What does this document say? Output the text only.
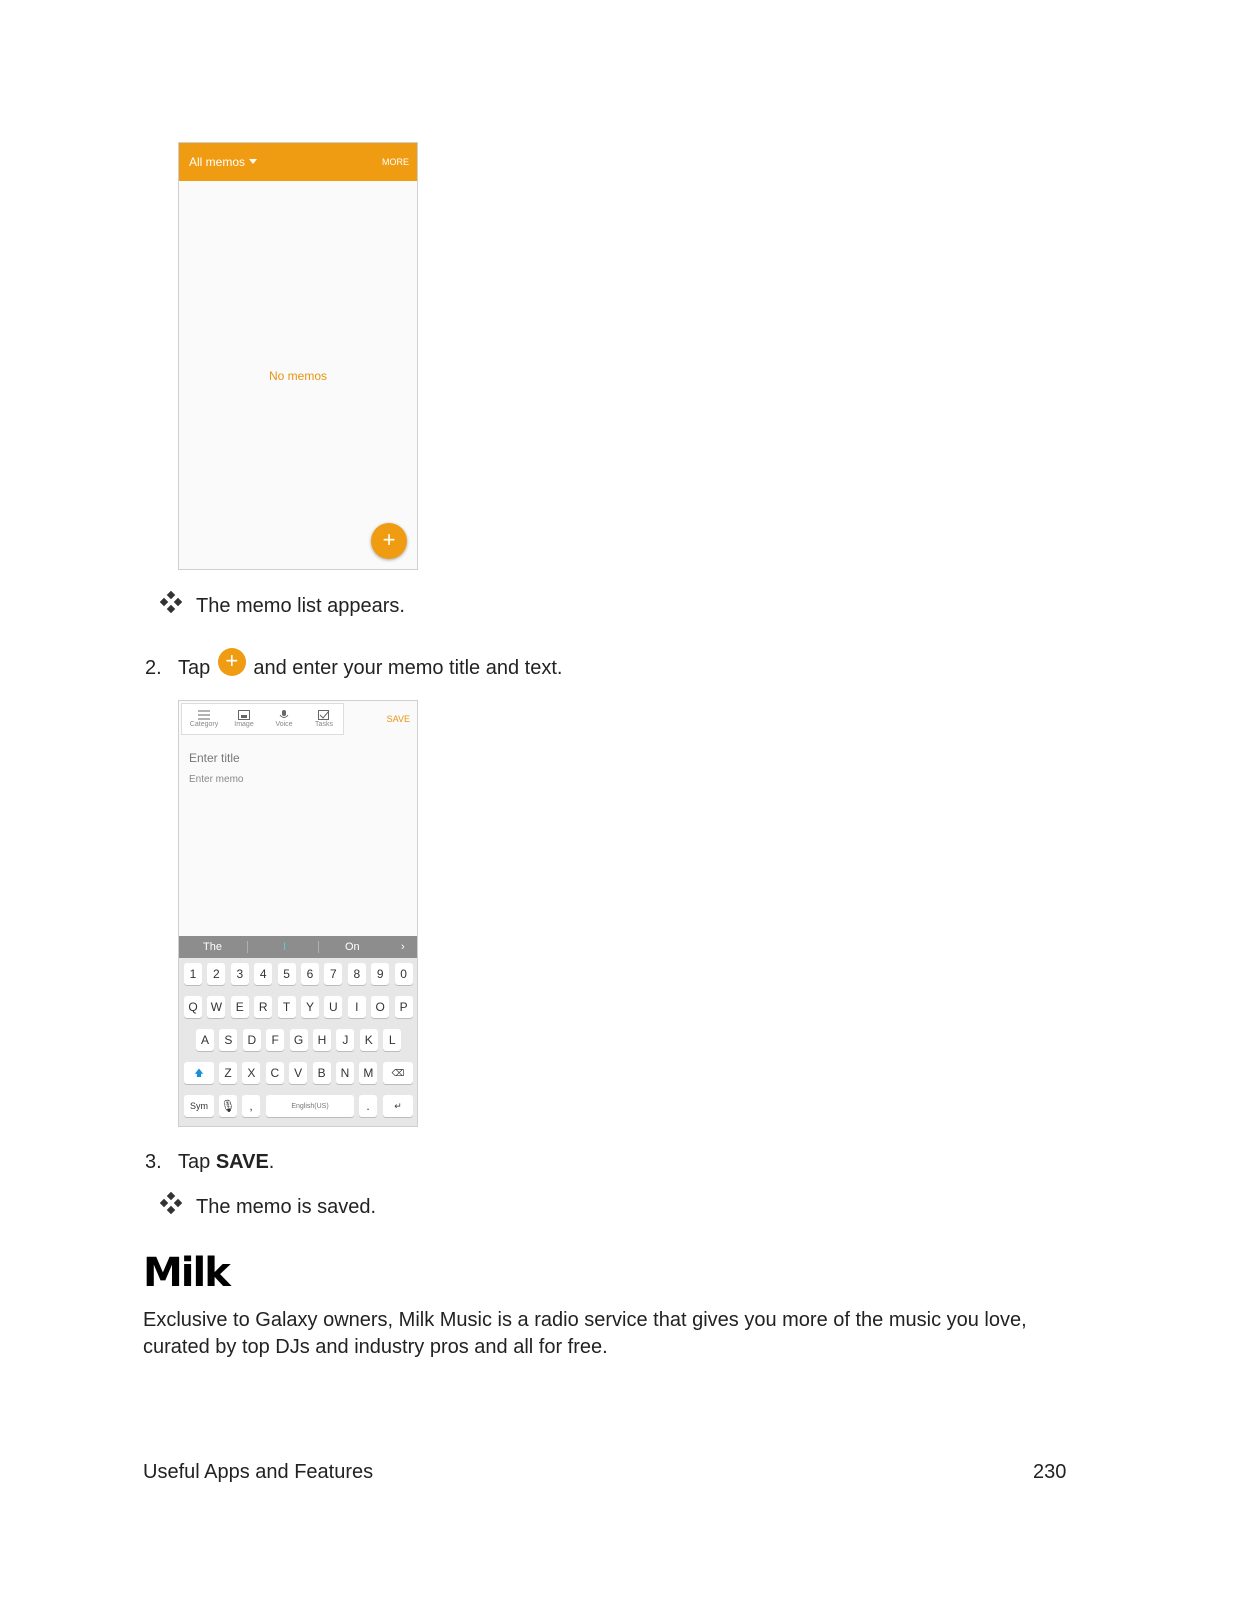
All memos	MORE
No memos
+
The memo list appears.
2. Tap + and enter your memo title and text.
Category	Image	Voice	Tasks
SAVE
Enter title
Enter memo
The	I	On	›
1	2	3	4	5	6	7	8	9	0
Q	W	E	R	T	Y	U	I	O	P
A	S	D	F	G	H	J	K	L
🡅	Z	X	C	V	B	N	M	⌫
Sym	🎙	,	English(US)	.	↵
3. Tap SAVE.
The memo is saved.
Milk
Exclusive to Galaxy owners, Milk Music is a radio service that gives you more of the music you love, curated by top DJs and industry pros and all for free.
Useful Apps and Features	230
